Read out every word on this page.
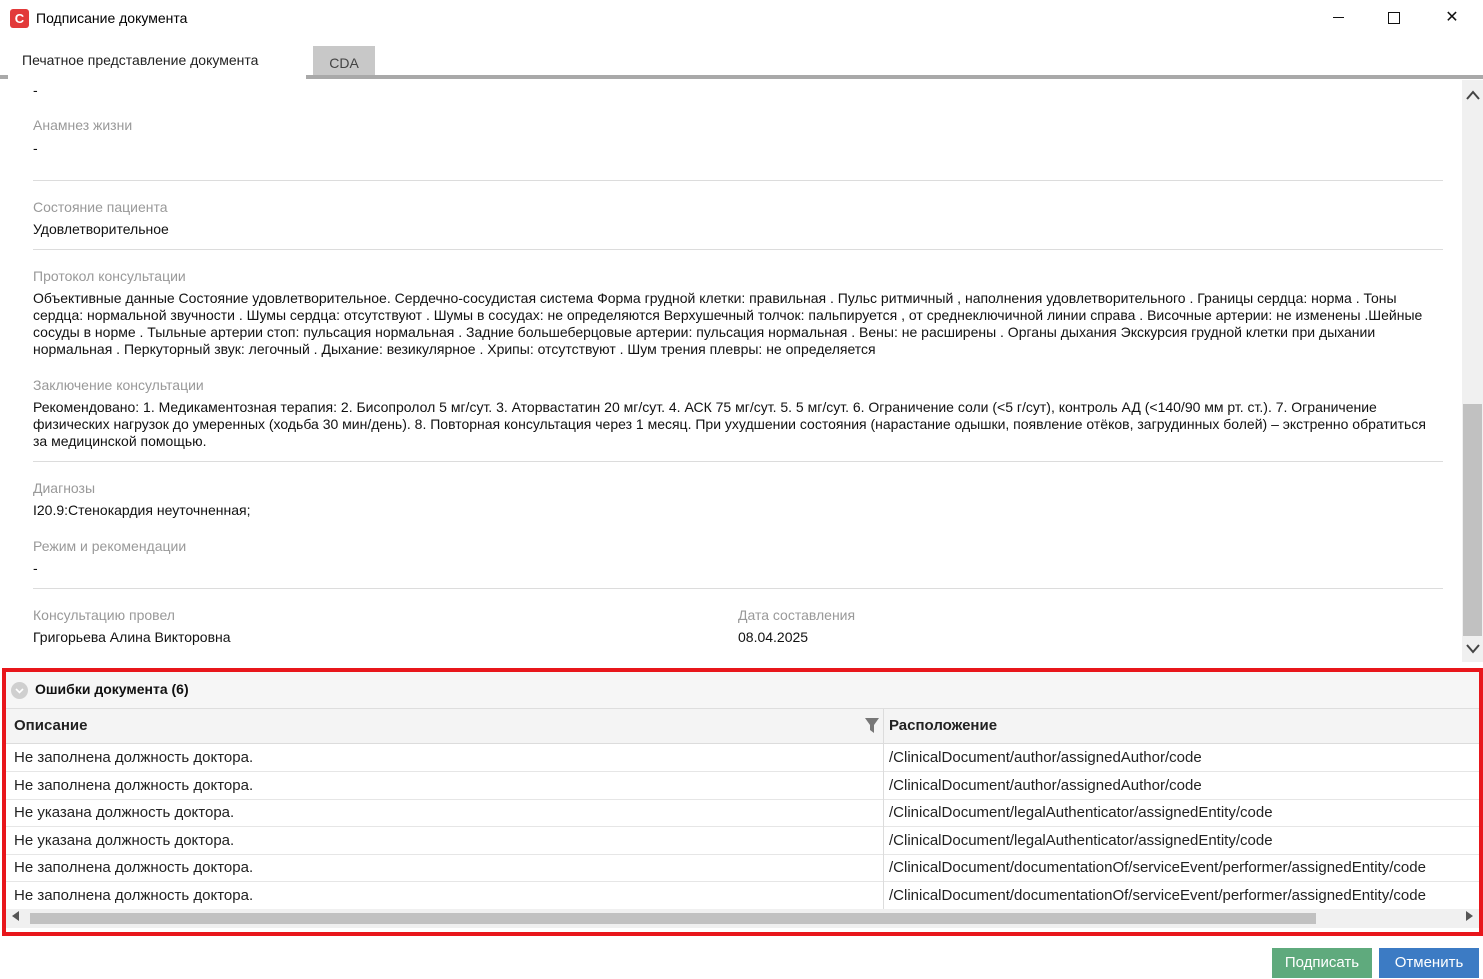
C Подписание документа	✕
Печатное представление документа	CDA
-
Анамнез жизни
-
Состояние пациента
Удовлетворительное
Протокол консультации
Объективные данные Состояние удовлетворительное. Сердечно-сосудистая система Форма грудной клетки: правильная . Пульс ритмичный , наполнения удовлетворительного . Границы сердца: норма . Тоны сердца: нормальной звучности . Шумы сердца: отсутствуют . Шумы в сосудах: не определяются Верхушечный толчок: пальпируется , от среднеключичной линии справа . Височные артерии: не изменены .Шейные сосуды в норме . Тыльные артерии стоп: пульсация нормальная . Задние большеберцовые артерии: пульсация нормальная . Вены: не расширены . Органы дыхания Экскурсия грудной клетки при дыхании нормальная . Перкуторный звук: легочный . Дыхание: везикулярное . Хрипы: отсутствуют . Шум трения плевры: не определяется
Заключение консультации
Рекомендовано: 1. Медикаментозная терапия: 2. Бисопролол 5 мг/сут. 3. Аторвастатин 20 мг/сут. 4. АСК 75 мг/сут. 5. 5 мг/сут. 6. Ограничение соли (<5 г/сут), контроль АД (<140/90 мм рт. ст.). 7. Ограничение физических нагрузок до умеренных (ходьба 30 мин/день). 8. Повторная консультация через 1 месяц. При ухудшении состояния (нарастание одышки, появление отёков, загрудинных болей) – экстренно обратиться за медицинской помощью.
Диагнозы
I20.9:Стенокардия неуточненная;
Режим и рекомендации
-
Консультацию провел
Григорьева Алина Викторовна
Дата составления
08.04.2025
Ошибки документа (6)
Описание	Расположение
Не заполнена должность доктора.	/ClinicalDocument/author/assignedAuthor/code
Не заполнена должность доктора.	/ClinicalDocument/author/assignedAuthor/code
Не указана должность доктора.	/ClinicalDocument/legalAuthenticator/assignedEntity/code
Не указана должность доктора.	/ClinicalDocument/legalAuthenticator/assignedEntity/code
Не заполнена должность доктора.	/ClinicalDocument/documentationOf/serviceEvent/performer/assignedEntity/code
Не заполнена должность доктора.	/ClinicalDocument/documentationOf/serviceEvent/performer/assignedEntity/code
Подписать	Отменить
